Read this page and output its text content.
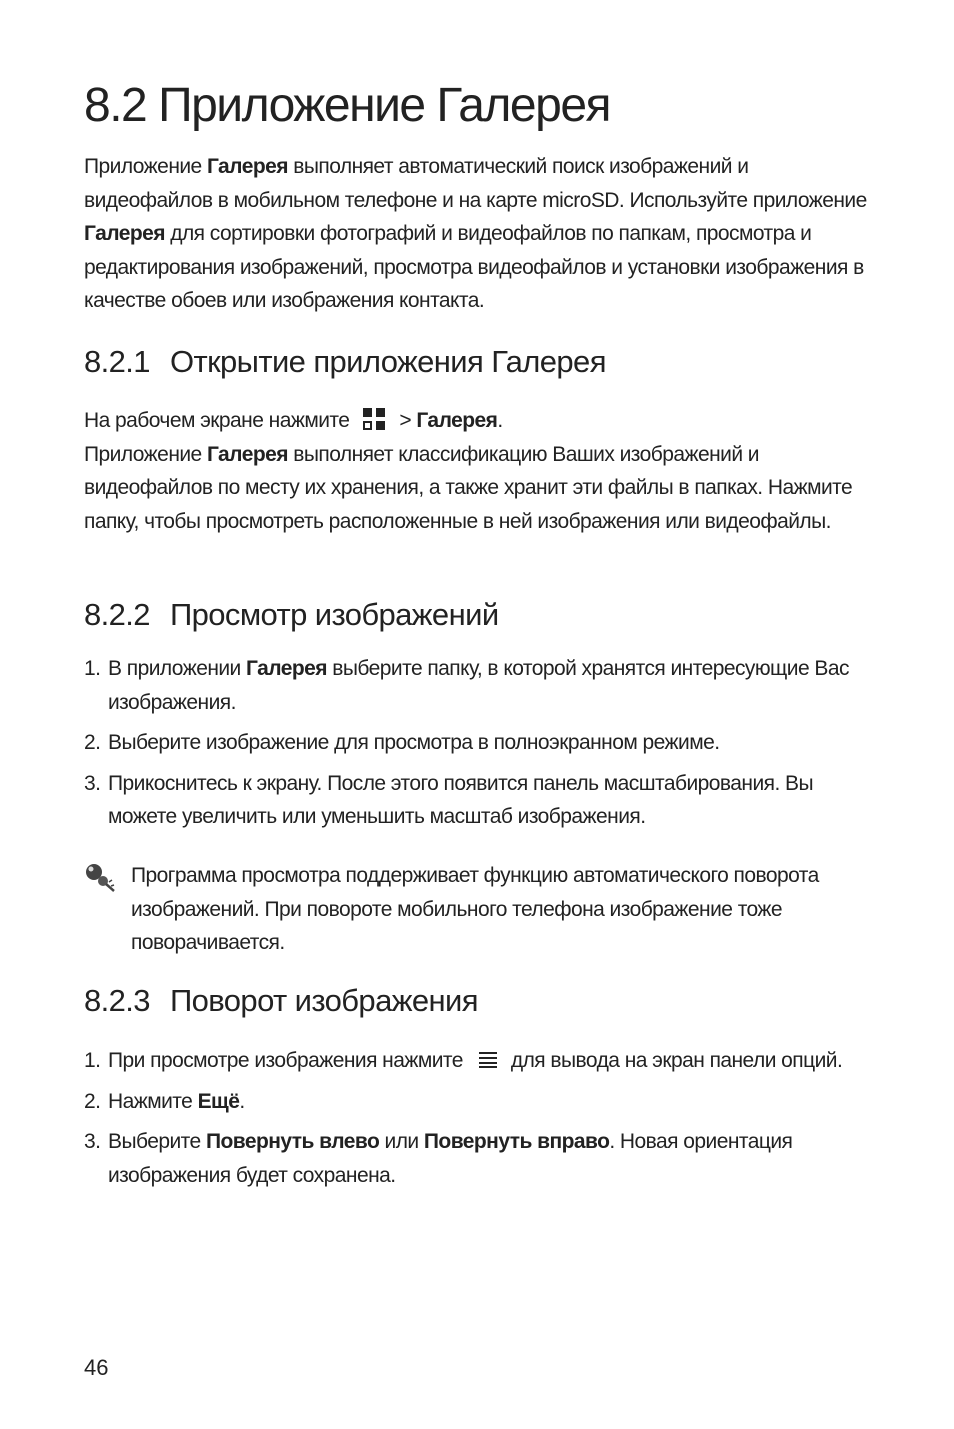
8.2 Приложение Галерея

Приложение Галерея выполняет автоматический поиск изображений и видеофайлов в мобильном телефоне и на карте microSD. Используйте приложение Галерея для сортировки фотографий и видеофайлов по папкам, просмотра и редактирования изображений, просмотра видеофайлов и установки изображения в качестве обоев или изображения контакта.

8.2.1 Открытие приложения Галерея

На рабочем экране нажмите > Галерея.

Приложение Галерея выполняет классификацию Ваших изображений и видеофайлов по месту их хранения, а также хранит эти файлы в папках. Нажмите папку, чтобы просмотреть расположенные в ней изображения или видеофайлы.

8.2.2 Просмотр изображений
1. В приложении Галерея выберите папку, в которой хранятся интересующие Вас изображения.
2. Выберите изображение для просмотра в полноэкранном режиме.
3. Прикоснитесь к экрану. После этого появится панель масштабирования. Вы можете увеличить или уменьшить масштаб изображения.

Программа просмотра поддерживает функцию автоматического поворота изображений. При повороте мобильного телефона изображение тоже поворачивается.

8.2.3 Поворот изображения
1. При просмотре изображения нажмите для вывода на экран панели опций.
2. Нажмите Ещё.
3. Выберите Повернуть влево или Повернуть вправо. Новая ориентация изображения будет сохранена.
46
